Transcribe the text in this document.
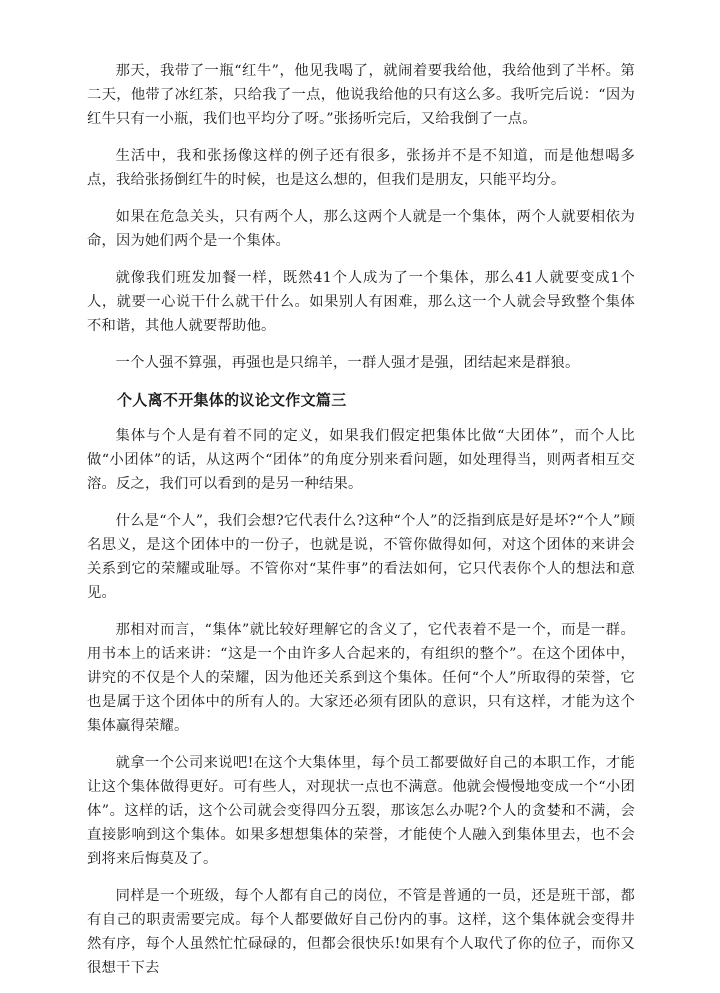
那天，我带了一瓶“红牛”，他见我喝了，就闹着要我给他，我给他到了半杯。第二天，他带了冰红茶，只给我了一点，他说我给他的只有这么多。我听完后说：“因为红牛只有一小瓶，我们也平均分了呀。”张扬听完后，又给我倒了一点。

生活中，我和张扬像这样的例子还有很多，张扬并不是不知道，而是他想喝多点，我给张扬倒红牛的时候，也是这么想的，但我们是朋友，只能平均分。

如果在危急关头，只有两个人，那么这两个人就是一个集体，两个人就要相依为命，因为她们两个是一个集体。

就像我们班发加餐一样，既然41个人成为了一个集体，那么41人就要变成1个人，就要一心说干什么就干什么。如果别人有困难，那么这一个人就会导致整个集体不和谐，其他人就要帮助他。

一个人强不算强，再强也是只绵羊，一群人强才是强，团结起来是群狼。

个人离不开集体的议论文作文篇三

集体与个人是有着不同的定义，如果我们假定把集体比做“大团体”，而个人比做“小团体”的话，从这两个“团体”的角度分别来看问题，如处理得当，则两者相互交溶。反之，我们可以看到的是另一种结果。

什么是“个人”，我们会想?它代表什么?这种“个人”的泛指到底是好是坏?“个人”顾名思义，是这个团体中的一份子，也就是说，不管你做得如何，对这个团体的来讲会关系到它的荣耀或耻辱。不管你对“某件事”的看法如何，它只代表你个人的想法和意见。

那相对而言，“集体”就比较好理解它的含义了，它代表着不是一个，而是一群。用书本上的话来讲：“这是一个由许多人合起来的，有组织的整个”。在这个团体中，讲究的不仅是个人的荣耀，因为他还关系到这个集体。任何“个人”所取得的荣誉，它也是属于这个团体中的所有人的。大家还必须有团队的意识，只有这样，才能为这个集体赢得荣耀。

就拿一个公司来说吧!在这个大集体里，每个员工都要做好自己的本职工作，才能让这个集体做得更好。可有些人，对现状一点也不满意。他就会慢慢地变成一个“小团体”。这样的话，这个公司就会变得四分五裂，那该怎么办呢?个人的贪婪和不满，会直接影响到这个集体。如果多想想集体的荣誉，才能使个人融入到集体里去，也不会到将来后悔莫及了。

同样是一个班级，每个人都有自己的岗位，不管是普通的一员，还是班干部，都有自己的职责需要完成。每个人都要做好自己份内的事。这样，这个集体就会变得井然有序，每个人虽然忙忙碌碌的，但都会很快乐!如果有个人取代了你的位子，而你又很想干下去
